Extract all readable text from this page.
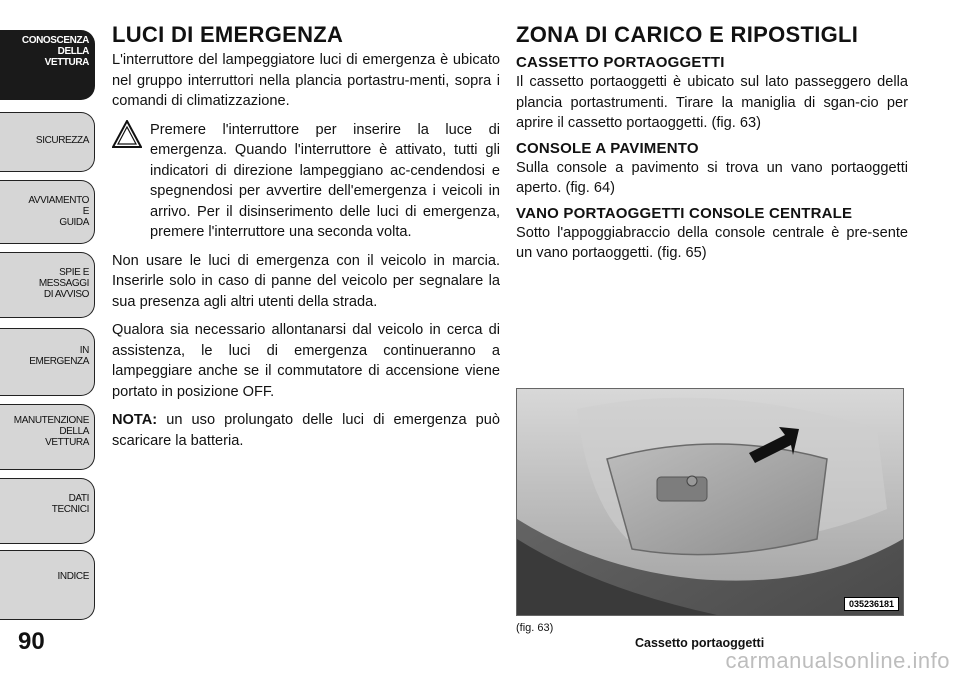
CONOSCENZA
DELLA
VETTURA
SICUREZZA
AVVIAMENTO
E
GUIDA
SPIE E
MESSAGGI
DI AVVISO
IN
EMERGENZA
MANUTENZIONE
DELLA
VETTURA
DATI
TECNICI
INDICE
90
LUCI DI EMERGENZA

L'interruttore del lampeggiatore luci di emergenza è ubicato nel gruppo interruttori nella plancia portastru-menti, sopra i comandi di climatizzazione.

Premere l'interruttore per inserire la luce di emergenza. Quando l'interruttore è attivato, tutti gli indicatori di direzione lampeggiano ac-cendendosi e spegnendosi per avvertire dell'emergenza i veicoli in arrivo. Per il disinserimento delle luci di emergenza, premere l'interruttore una seconda volta.

Non usare le luci di emergenza con il veicolo in marcia. Inserirle solo in caso di panne del veicolo per segnalare la sua presenza agli altri utenti della strada.

Qualora sia necessario allontanarsi dal veicolo in cerca di assistenza, le luci di emergenza continueranno a lampeggiare anche se il commutatore di accensione viene portato in posizione OFF.

NOTA: un uso prolungato delle luci di emergenza può scaricare la batteria.

ZONA DI CARICO E RIPOSTIGLI
CASSETTO PORTAOGGETTI

Il cassetto portaoggetti è ubicato sul lato passeggero della plancia portastrumenti. Tirare la maniglia di sgan-cio per aprire il cassetto portaoggetti. (fig. 63)

CONSOLE A PAVIMENTO

Sulla console a pavimento si trova un vano portaoggetti aperto. (fig. 64)

VANO PORTAOGGETTI CONSOLE CENTRALE

Sotto l'appoggiabraccio della console centrale è pre-sente un vano portaoggetti. (fig. 65)

035236181
(fig. 63)
Cassetto portaoggetti
carmanualsonline.info
